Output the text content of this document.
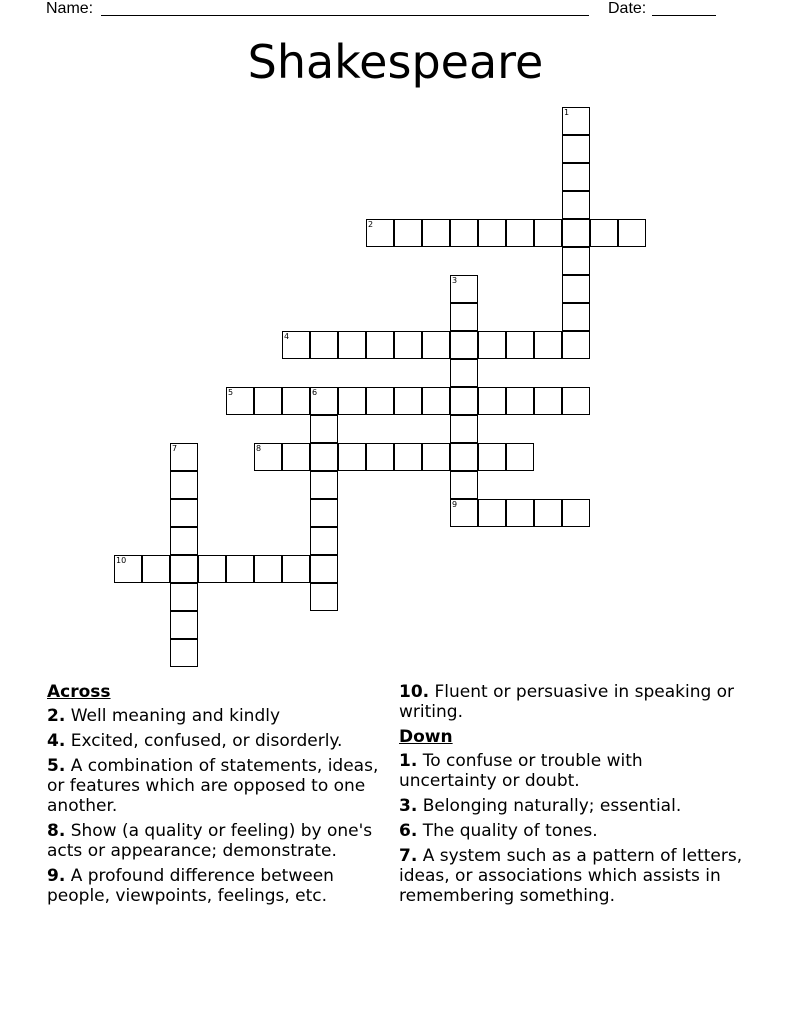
Name:	Date:
Shakespeare
1
2
3
9
4
5	6
7	8
10
Across
2. Well meaning and kindly
4. Excited, confused, or disorderly.
5. A combination of statements, ideas, or features which are opposed to one another.
8. Show (a quality or feeling) by one's acts or appearance; demonstrate.
9. A profound difference between people, viewpoints, feelings, etc.
10. Fluent or persuasive in speaking or writing.
Down
1. To confuse or trouble with uncertainty or doubt.
3. Belonging naturally; essential.
6. The quality of tones.
7. A system such as a pattern of letters, ideas, or associations which assists in remembering something.
